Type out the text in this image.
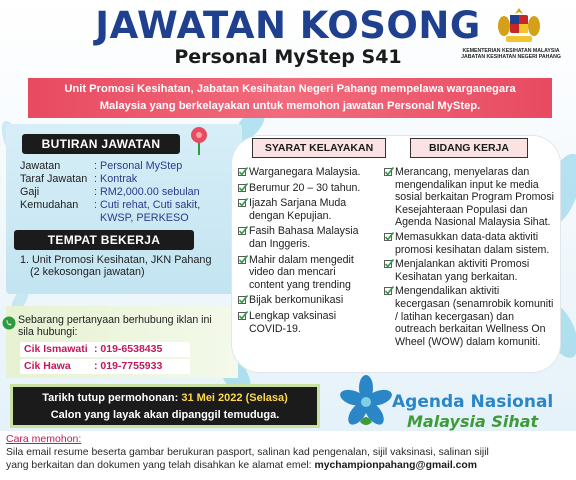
JAWATAN KOSONG
Personal MyStep S41	KEMENTERIAN KESIHATAN MALAYSIA
JABATAN KESIHATAN NEGERI PAHANG
Unit Promosi Kesihatan, Jabatan Kesihatan Negeri Pahang mempelawa warganegara
Malaysia yang berkelayakan untuk memohon jawatan Personal MyStep.
BUTIRAN JAWATAN
Jawatan	: Personal MyStep
Taraf Jawatan : Kontrak
Gaji	: RM2,000.00 sebulan
Kemudahan	: Cuti rehat, Cuti sakit,
KWSP, PERKESO
TEMPAT BEKERJA
1. Unit Promosi Kesihatan, JKN Pahang
(2 kekosongan jawatan)
Sebarang pertanyaan berhubung iklan ini
sila hubungi:
Cik Ismawati : 019-6538435
Cik Hawa	: 019-7755933
SYARAT KELAYAKAN	BIDANG KERJA
Warganegara Malaysia.
Berumur 20 – 30 tahun.
Ijazah Sarjana Muda
dengan Kepujian.
Fasih Bahasa Malaysia
dan Inggeris.
Mahir dalam mengedit
video dan mencari
content yang trending
Bijak berkomunikasi
Lengkap vaksinasi
COVID-19.
Merancang, menyelaras dan
mengendalikan input ke media
sosial berkaitan Program Promosi
Kesejahteraan Populasi dan
Agenda Nasional Malaysia Sihat.
Memasukkan data-data aktiviti
promosi kesihatan dalam sistem.
Menjalankan aktiviti Promosi
Kesihatan yang berkaitan.
Mengendalikan aktiviti
kecergasan (senamrobik komuniti
/ latihan kecergasan) dan
outreach berkaitan Wellness On
Wheel (WOW) dalam komuniti.
Tarikh tutup permohonan: 31 Mei 2022 (Selasa)
Calon yang layak akan dipanggil temuduga.
Agenda Nasional
Malaysia Sihat
Cara memohon:
Sila email resume beserta gambar berukuran pasport, salinan kad pengenalan, sijil vaksinasi, salinan sijil
yang berkaitan dan dokumen yang telah disahkan ke alamat emel: mychampionpahang@gmail.com
